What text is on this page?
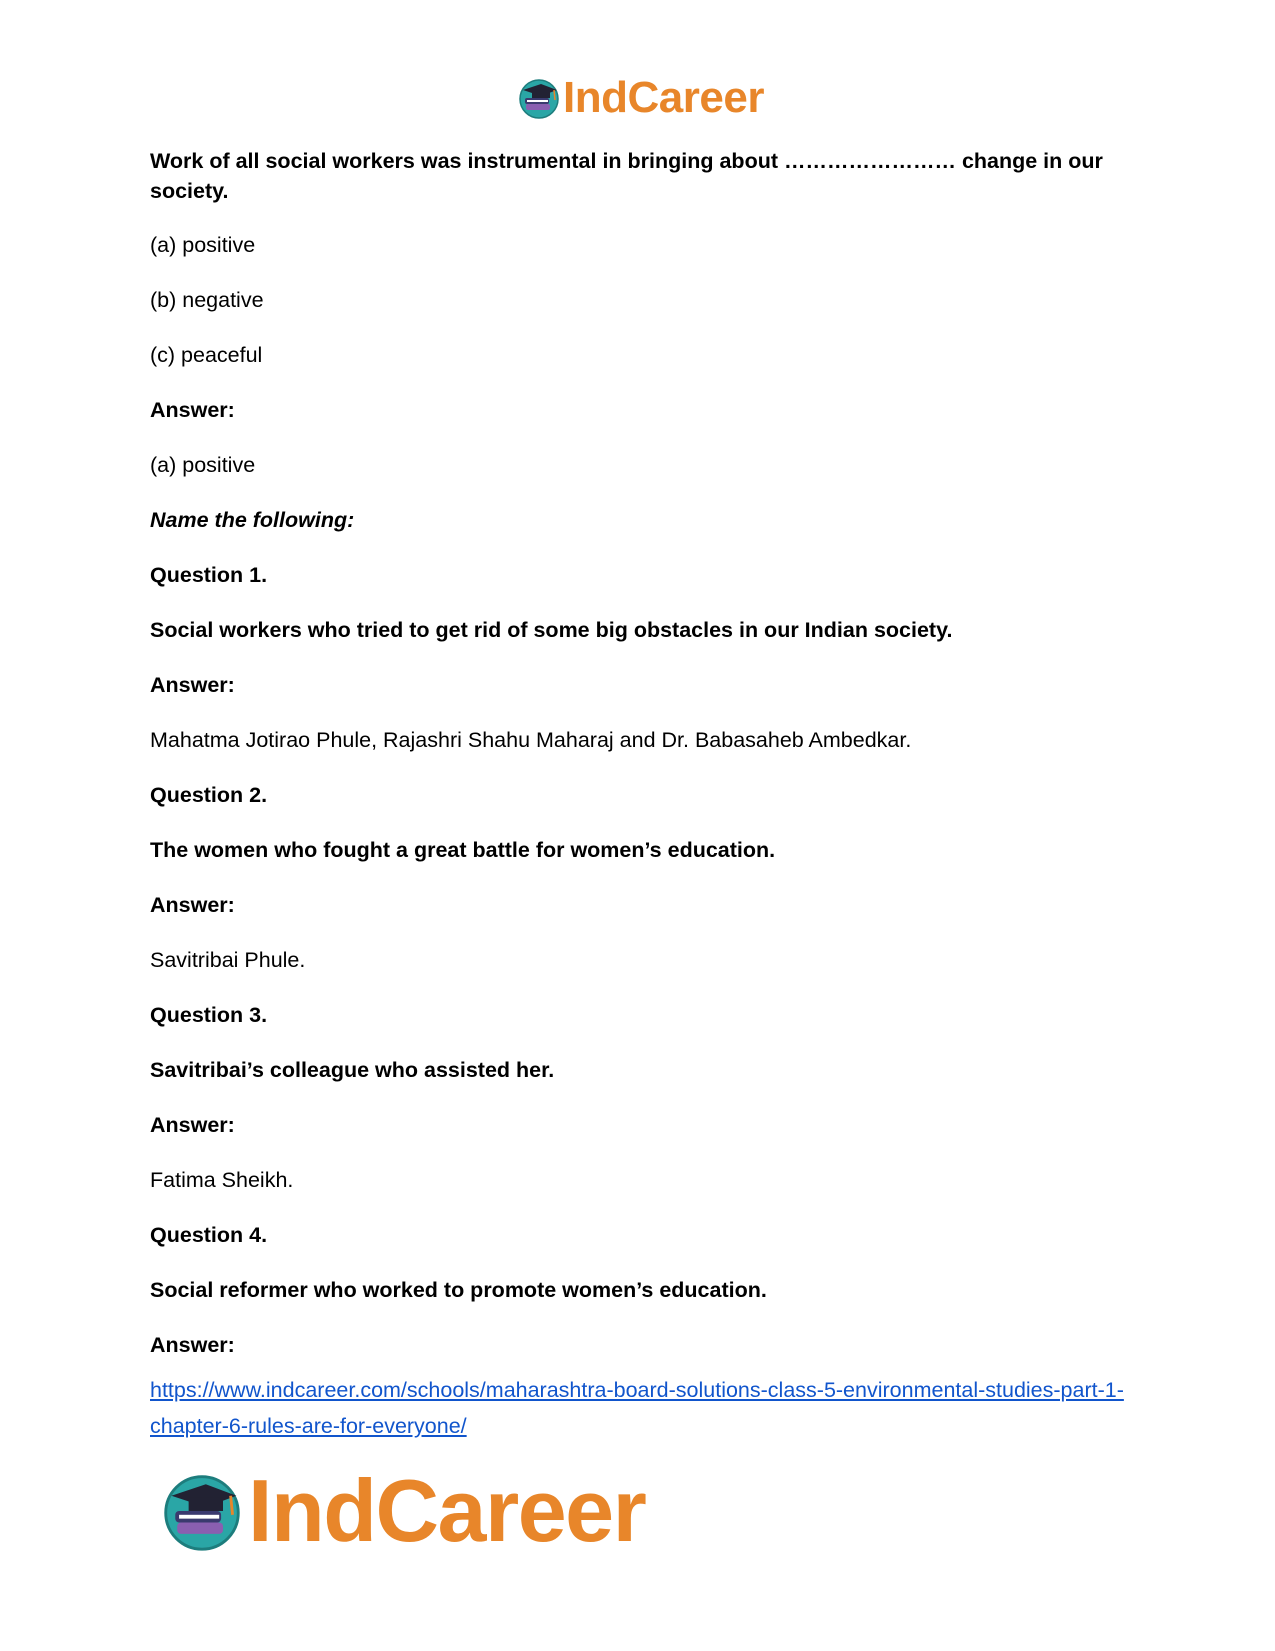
IndCareer

Work of all social workers was instrumental in bringing about …………………… change in our society.

(a) positive

(b) negative

(c) peaceful

Answer:

(a) positive

Name the following:

Question 1.

Social workers who tried to get rid of some big obstacles in our Indian society.

Answer:

Mahatma Jotirao Phule, Rajashri Shahu Maharaj and Dr. Babasaheb Ambedkar.

Question 2.

The women who fought a great battle for women’s education.

Answer:

Savitribai Phule.

Question 3.

Savitribai’s colleague who assisted her.

Answer:

Fatima Sheikh.

Question 4.

Social reformer who worked to promote women’s education.

Answer:

https://www.indcareer.com/schools/maharashtra-board-solutions-class-5-environmental-studies-part-1-chapter-6-rules-are-for-everyone/
IndCareer
